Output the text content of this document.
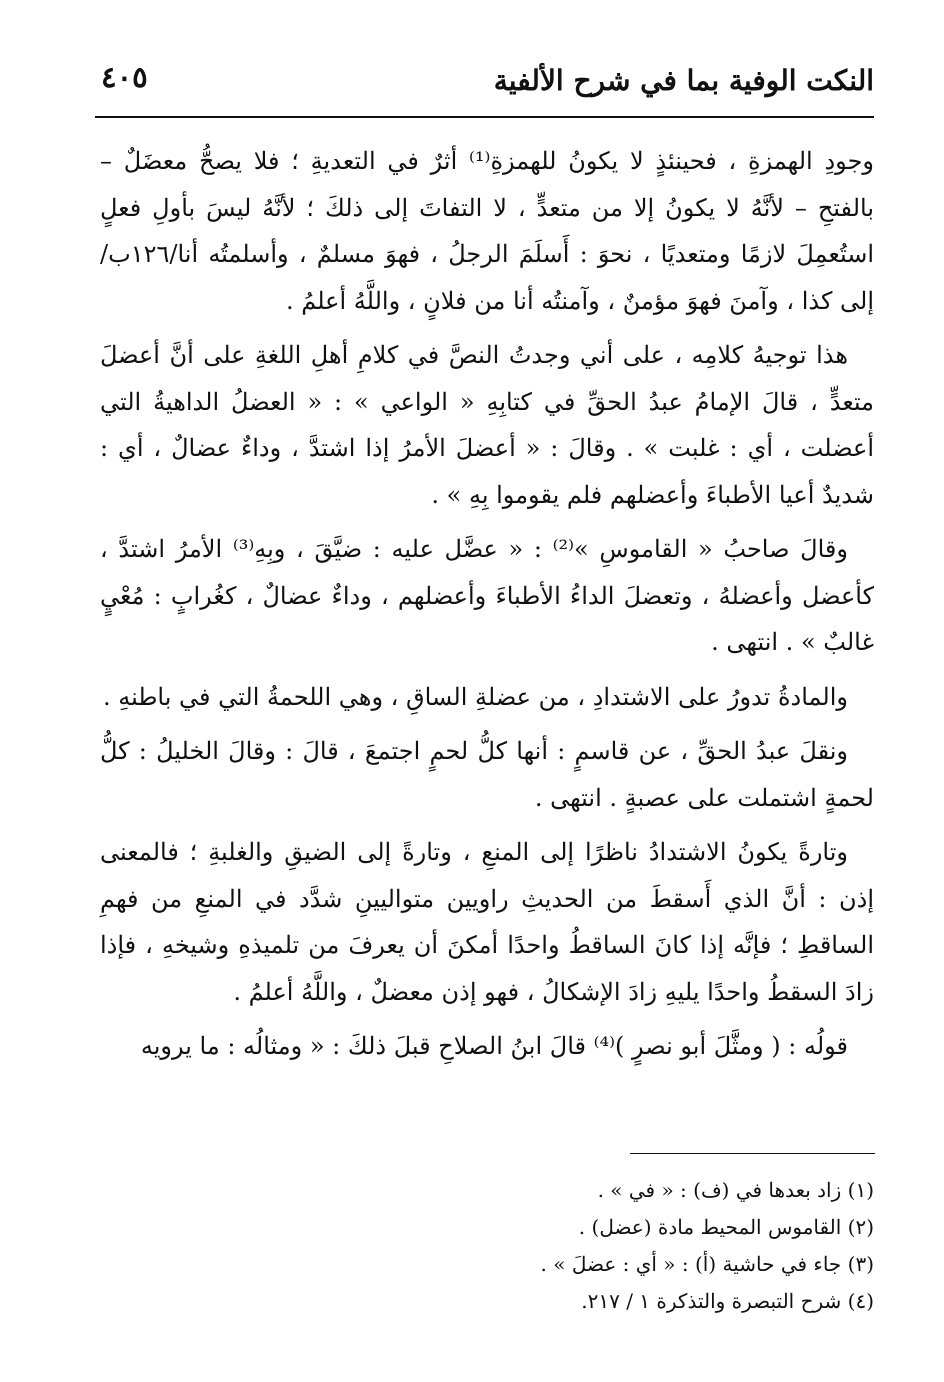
النكت الوفية بما في شرح الألفية
٤٠٥

وجودِ الهمزةِ ، فحينئذٍ لا يكونُ للهمزةِ⁽¹⁾ أثرٌ في التعديةِ ؛ فلا يصحُّ معضَلٌ – بالفتحِ – لأنَّهُ لا يكونُ إلا من متعدٍّ ، لا التفاتَ إلى ذلكَ ؛ لأنَّهُ ليسَ بأولِ فعلٍ استُعمِلَ لازمًا ومتعديًا ، نحوَ : أَسلَمَ الرجلُ ، فهوَ مسلمٌ ، وأسلمتُه أنا/١٢٦ب/ إلى كذا ، وآمنَ فهوَ مؤمنٌ ، وآمنتُه أنا من فلانٍ ، واللَّهُ أعلمُ .

هذا توجيهُ كلامِه ، على أني وجدتُ النصَّ في كلامِ أهلِ اللغةِ على أنَّ أعضلَ متعدٍّ ، قالَ الإمامُ عبدُ الحقِّ في كتابِهِ « الواعي » : « العضلُ الداهيةُ التي أعضلت ، أي : غلبت » . وقالَ : « أعضلَ الأمرُ إذا اشتدَّ ، وداءٌ عضالٌ ، أي : شديدٌ أعيا الأطباءَ وأعضلهم فلم يقوموا بِهِ » .

وقالَ صاحبُ « القاموسِ »⁽²⁾ : « عضَّل عليه : ضيَّقَ ، وبِهِ⁽³⁾ الأمرُ اشتدَّ ، كأعضل وأعضلهُ ، وتعضلَ الداءُ الأطباءَ وأعضلهم ، وداءٌ عضالٌ ، كغُرابٍ : مُعْيٍ غالبٌ » . انتهى .

والمادةُ تدورُ على الاشتدادِ ، من عضلةِ الساقِ ، وهي اللحمةُ التي في باطنهِ .

ونقلَ عبدُ الحقِّ ، عن قاسمٍ : أنها كلُّ لحمٍ اجتمعَ ، قالَ : وقالَ الخليلُ : كلُّ لحمةٍ اشتملت على عصبةٍ . انتهى .

وتارةً يكونُ الاشتدادُ ناظرًا إلى المنعِ ، وتارةً إلى الضيقِ والغلبةِ ؛ فالمعنى إذن : أنَّ الذي أَسقطَ من الحديثِ راويين متواليينِ شدَّد في المنعِ من فهمِ الساقطِ ؛ فإنَّه إذا كانَ الساقطُ واحدًا أمكنَ أن يعرفَ من تلميذهِ وشيخهِ ، فإذا زادَ السقطُ واحدًا يليهِ زادَ الإشكالُ ، فهو إذن معضلٌ ، واللَّهُ أعلمُ .

قولُه : ( ومثَّلَ أبو نصرٍ )⁽⁴⁾ قالَ ابنُ الصلاحِ قبلَ ذلكَ : « ومثالُه : ما يرويه

(١) زاد بعدها في (ف) : « في » .
(٢) القاموس المحيط مادة (عضل) .
(٣) جاء في حاشية (أ) : « أي : عضلَ » .
(٤) شرح التبصرة والتذكرة ١ / ٢١٧.
